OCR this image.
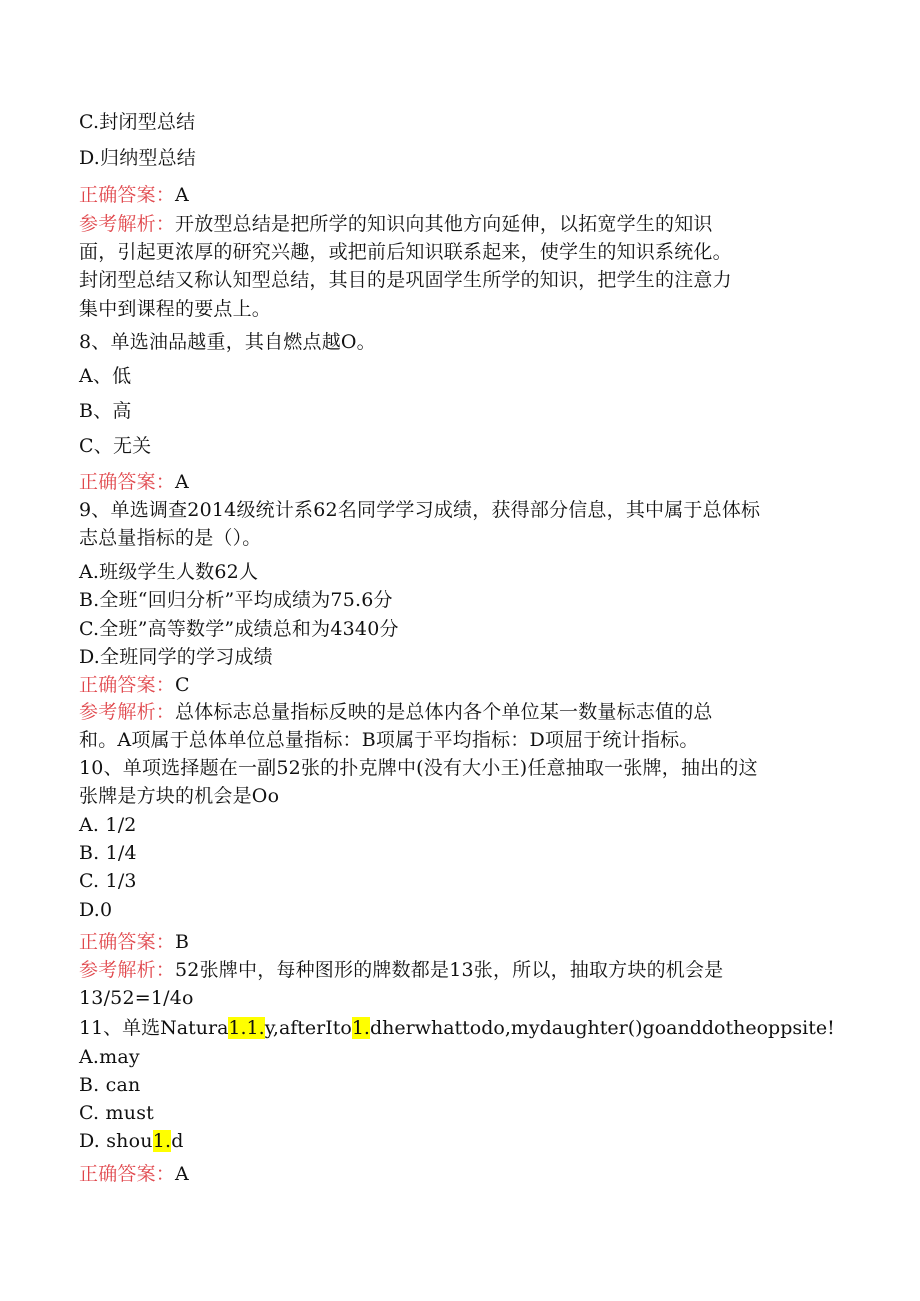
C.封闭型总结
D.归纳型总结
正确答案：A
参考解析：开放型总结是把所学的知识向其他方向延伸，以拓宽学生的知识
面，引起更浓厚的研究兴趣，或把前后知识联系起来，使学生的知识系统化。
封闭型总结又称认知型总结，其目的是巩固学生所学的知识，把学生的注意力
集中到课程的要点上。
8、单选油品越重，其自燃点越O。
A、低
B、高
C、无关
正确答案：A
9、单选调查2014级统计系62名同学学习成绩，获得部分信息，其中属于总体标
志总量指标的是（）。
A.班级学生人数62人
B.全班“回归分析”平均成绩为75.6分
C.全班”高等数学”成绩总和为4340分
D.全班同学的学习成绩
正确答案：C
参考解析：总体标志总量指标反映的是总体内各个单位某一数量标志值的总
和。A项属于总体单位总量指标：B项属于平均指标：D项屈于统计指标。
10、单项选择题在一副52张的扑克牌中(没有大小王)任意抽取一张牌，抽出的这
张牌是方块的机会是Oo
A. 1/2
B. 1/4
C. 1/3
D.0
正确答案：B
参考解析：52张牌中，每种图形的牌数都是13张，所以，抽取方块的机会是
13/52=1/4o
11、单选Natura1.1.y,afterIto1.dherwhattodo,mydaughter()goanddotheoppsite!
A.may
B. can
C. must
D. shou1.d
正确答案：A
